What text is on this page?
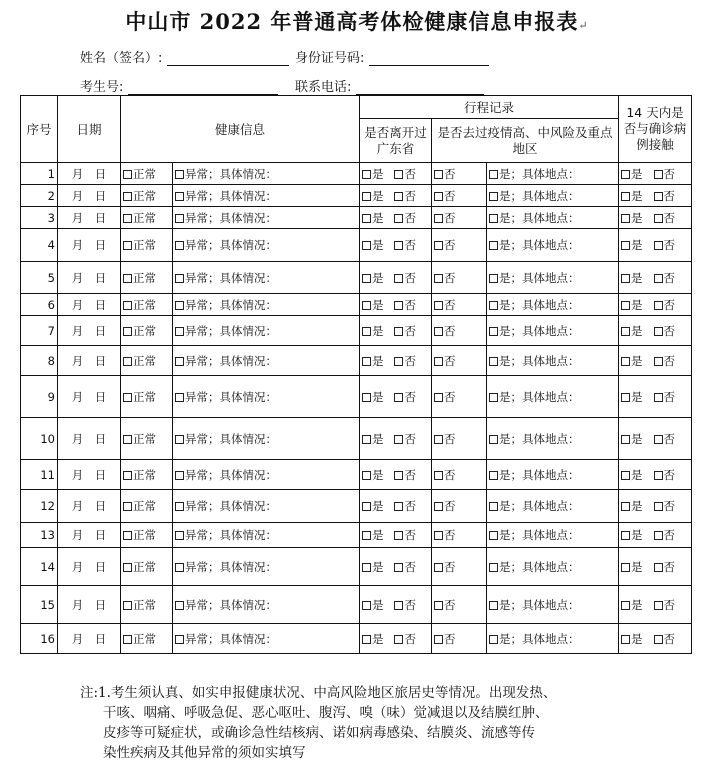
中山市 2022 年普通高考体检健康信息申报表↵
姓名（签名）:	身份证号码:
考生号:	联系电话:
序号	日期	健康信息		行程记录			14 天内是否与确诊病例接触
				是否离开过广东省	是否去过疫情高、中风险及重点地区		
1	月　日	正常	异常；具体情况：	是 否	否	是；具体地点：	是 否
2	月　日	正常	异常；具体情况：	是 否	否	是；具体地点：	是 否
3	月　日	正常	异常；具体情况：	是 否	否	是；具体地点：	是 否
4	月　日	正常	异常；具体情况：	是 否	否	是；具体地点：	是 否
5	月　日	正常	异常；具体情况：	是 否	否	是；具体地点：	是 否
6	月　日	正常	异常；具体情况：	是 否	否	是；具体地点：	是 否
7	月　日	正常	异常；具体情况：	是 否	否	是；具体地点：	是 否
8	月　日	正常	异常；具体情况：	是 否	否	是；具体地点：	是 否
9	月　日	正常	异常；具体情况：	是 否	否	是；具体地点：	是 否
10	月　日	正常	异常；具体情况：	是 否	否	是；具体地点：	是 否
11	月　日	正常	异常；具体情况：	是 否	否	是；具体地点：	是 否
12	月　日	正常	异常；具体情况：	是 否	否	是；具体地点：	是 否
13	月　日	正常	异常；具体情况：	是 否	否	是；具体地点：	是 否
14	月　日	正常	异常；具体情况：	是 否	否	是；具体地点：	是 否
15	月　日	正常	异常；具体情况：	是 否	否	是；具体地点：	是 否
16	月　日	正常	异常；具体情况：	是 否	否	是；具体地点：	是 否
注:1.考生须认真、如实申报健康状况、中高风险地区旅居史等情况。出现发热、

干咳、咽痛、呼吸急促、恶心呕吐、腹泻、嗅（味）觉减退以及结膜红肿、
皮疹等可疑症状，或确诊急性结核病、诺如病毒感染、结膜炎、流感等传
染性疾病及其他异常的须如实填写
